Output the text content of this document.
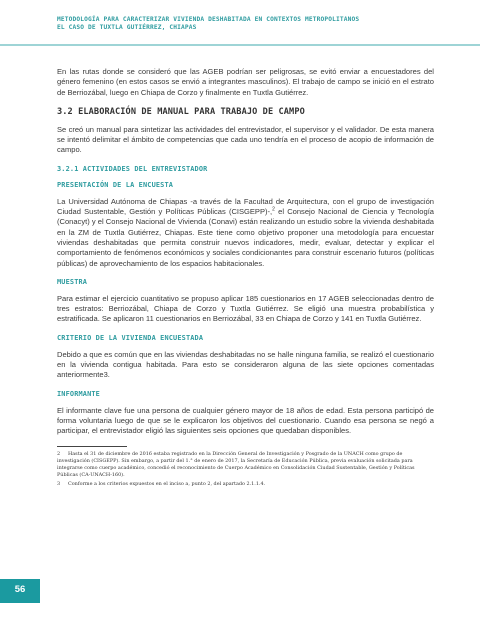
METODOLOGÍA PARA CARACTERIZAR VIVIENDA DESHABITADA EN CONTEXTOS METROPOLITANOS
EL CASO DE TUXTLA GUTIÉRREZ, CHIAPAS

En las rutas donde se consideró que las AGEB podrían ser peligrosas, se evitó enviar a encuestadores del género femenino (en estos casos se envió a integrantes masculinos). El trabajo de campo se inició en el estrato de Berriozábal, luego en Chiapa de Corzo y finalmente en Tuxtla Gutiérrez.

3.2 ELABORACIÓN DE MANUAL PARA TRABAJO DE CAMPO

Se creó un manual para sintetizar las actividades del entrevistador, el supervisor y el validador. De esta manera se intentó delimitar el ámbito de competencias que cada uno tendría en el proceso de acopio de información de campo.

3.2.1 ACTIVIDADES DEL ENTREVISTADOR
PRESENTACIÓN DE LA ENCUESTA

La Universidad Autónoma de Chiapas -a través de la Facultad de Arquitectura, con el grupo de investigación Ciudad Sustentable, Gestión y Políticas Públicas (CISGEPP)-,$^2$ el Consejo Nacional de Ciencia y Tecnología (Conacyt) y el Consejo Nacional de Vivienda (Conavi) están realizando un estudio sobre la vivienda deshabitada en la ZM de Tuxtla Gutiérrez, Chiapas. Este tiene como objetivo proponer una metodología para encuestar viviendas deshabitadas que permita construir nuevos indicadores, medir, evaluar, detectar y explicar el comportamiento de fenómenos económicos y sociales condicionantes para construir escenario futuros (políticas públicas) de aprovechamiento de los espacios habitacionales.

MUESTRA

Para estimar el ejercicio cuantitativo se propuso aplicar 185 cuestionarios en 17 AGEB seleccionadas dentro de tres estratos: Berriozábal, Chiapa de Corzo y Tuxtla Gutiérrez. Se eligió una muestra probabilística y estratificada. Se aplicaron 11 cuestionarios en Berriozábal, 33 en Chiapa de Corzo y 141 en Tuxtla Gutiérrez.

CRITERIO DE LA VIVIENDA ENCUESTADA

Debido a que es común que en las viviendas deshabitadas no se halle ninguna familia, se realizó el cuestionario en la vivienda contigua habitada. Para esto se consideraron alguna de las siete opciones comentadas anteriormente3.

INFORMANTE

El informante clave fue una persona de cualquier género mayor de 18 años de edad. Esta persona participó de forma voluntaria luego de que se le explicaron los objetivos del cuestionario. Cuando esa persona se negó a participar, el entrevistador eligió las siguientes seis opciones que quedaban disponibles.

2 Hasta el 31 de diciembre de 2016 estaba registrado en la Dirección General de Investigación y Posgrado de la UNACH como grupo de investigación (CISGEPP). Sin embargo, a partir del 1.° de enero de 2017, la Secretaría de Educación Pública, previa evaluación solicitada para integrarse como cuerpo académico, concedió el reconocimiento de Cuerpo Académico en Consolidación Ciudad Sustentable, Gestión y Políticas Públicas (CA-UNACH-160).
3 Conforme a los criterios expuestos en el inciso a, punto 2, del apartado 2.1.1.4.
56
